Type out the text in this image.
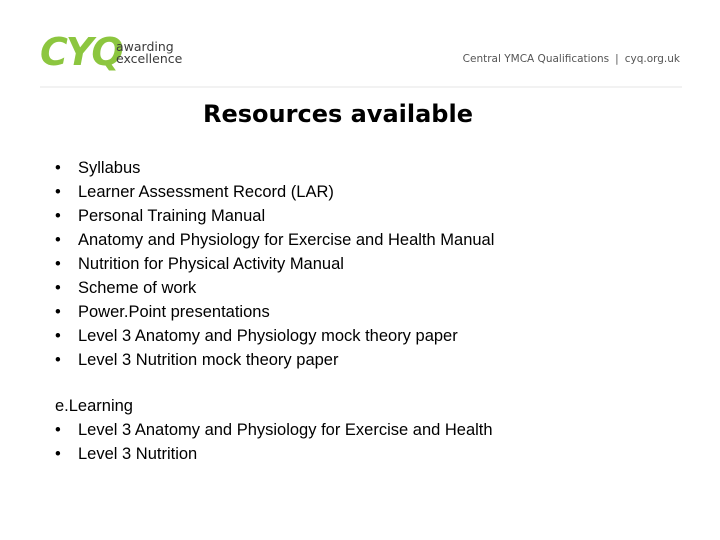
CYQ
awarding excellence	Central YMCA Qualifications | cyq.org.uk
Resources available
•	Syllabus
•	Learner Assessment Record (LAR)
•	Personal Training Manual
•	Anatomy and Physiology for Exercise and Health Manual
•	Nutrition for Physical Activity Manual
•	Scheme of work
•	Power.Point presentations
•	Level 3 Anatomy and Physiology mock theory paper
•	Level 3 Nutrition mock theory paper
e.Learning
•	Level 3 Anatomy and Physiology for Exercise and Health
•	Level 3 Nutrition
